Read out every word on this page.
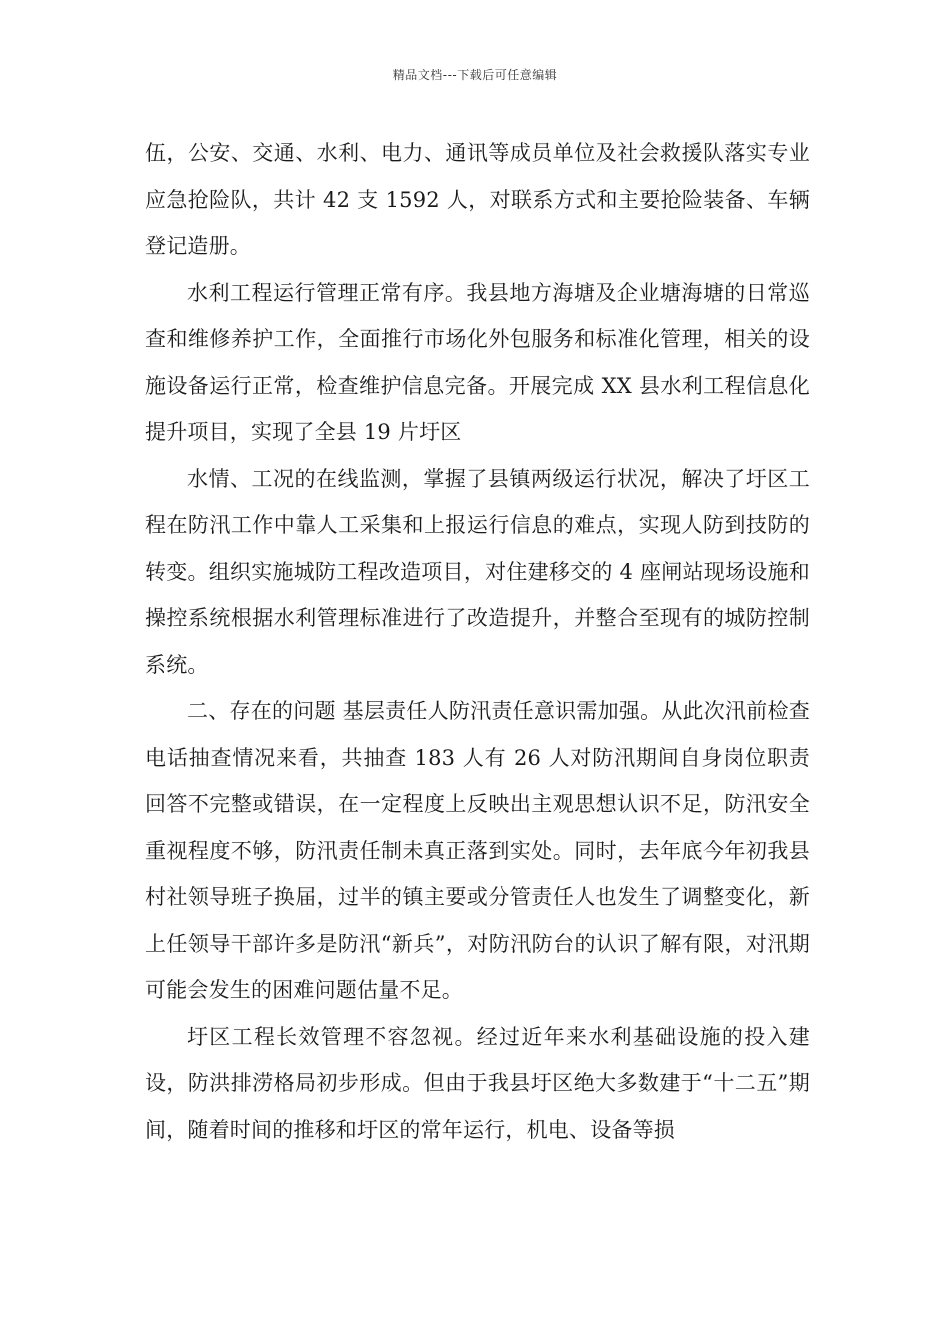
精品文档---下载后可任意编辑

伍，公安、交通、水利、电力、通讯等成员单位及社会救援队落实专业应急抢险队，共计 42 支 1592 人，对联系方式和主要抢险装备、车辆登记造册。

水利工程运行管理正常有序。我县地方海塘及企业塘海塘的日常巡查和维修养护工作，全面推行市场化外包服务和标准化管理，相关的设施设备运行正常，检查维护信息完备。开展完成 XX 县水利工程信息化提升项目，实现了全县 19 片圩区

水情、工况的在线监测，掌握了县镇两级运行状况，解决了圩区工程在防汛工作中靠人工采集和上报运行信息的难点，实现人防到技防的转变。组织实施城防工程改造项目，对住建移交的 4 座闸站现场设施和操控系统根据水利管理标准进行了改造提升，并整合至现有的城防控制系统。

二、存在的问题 基层责任人防汛责任意识需加强。从此次汛前检查电话抽查情况来看，共抽查 183 人有 26 人对防汛期间自身岗位职责 回答不完整或错误，在一定程度上反映出主观思想认识不足，防汛安全重视程度不够，防汛责任制未真正落到实处。同时，去年底今年初我县村社领导班子换届，过半的镇主要或分管责任人也发生了调整变化，新上任领导干部许多是防汛“新兵”，对防汛防台的认识了解有限，对汛期可能会发生的困难问题估量不足。

圩区工程长效管理不容忽视。经过近年来水利基础设施的投入建设，防洪排涝格局初步形成。但由于我县圩区绝大多数建于“十二五”期间，随着时间的推移和圩区的常年运行，机电、设备等损
